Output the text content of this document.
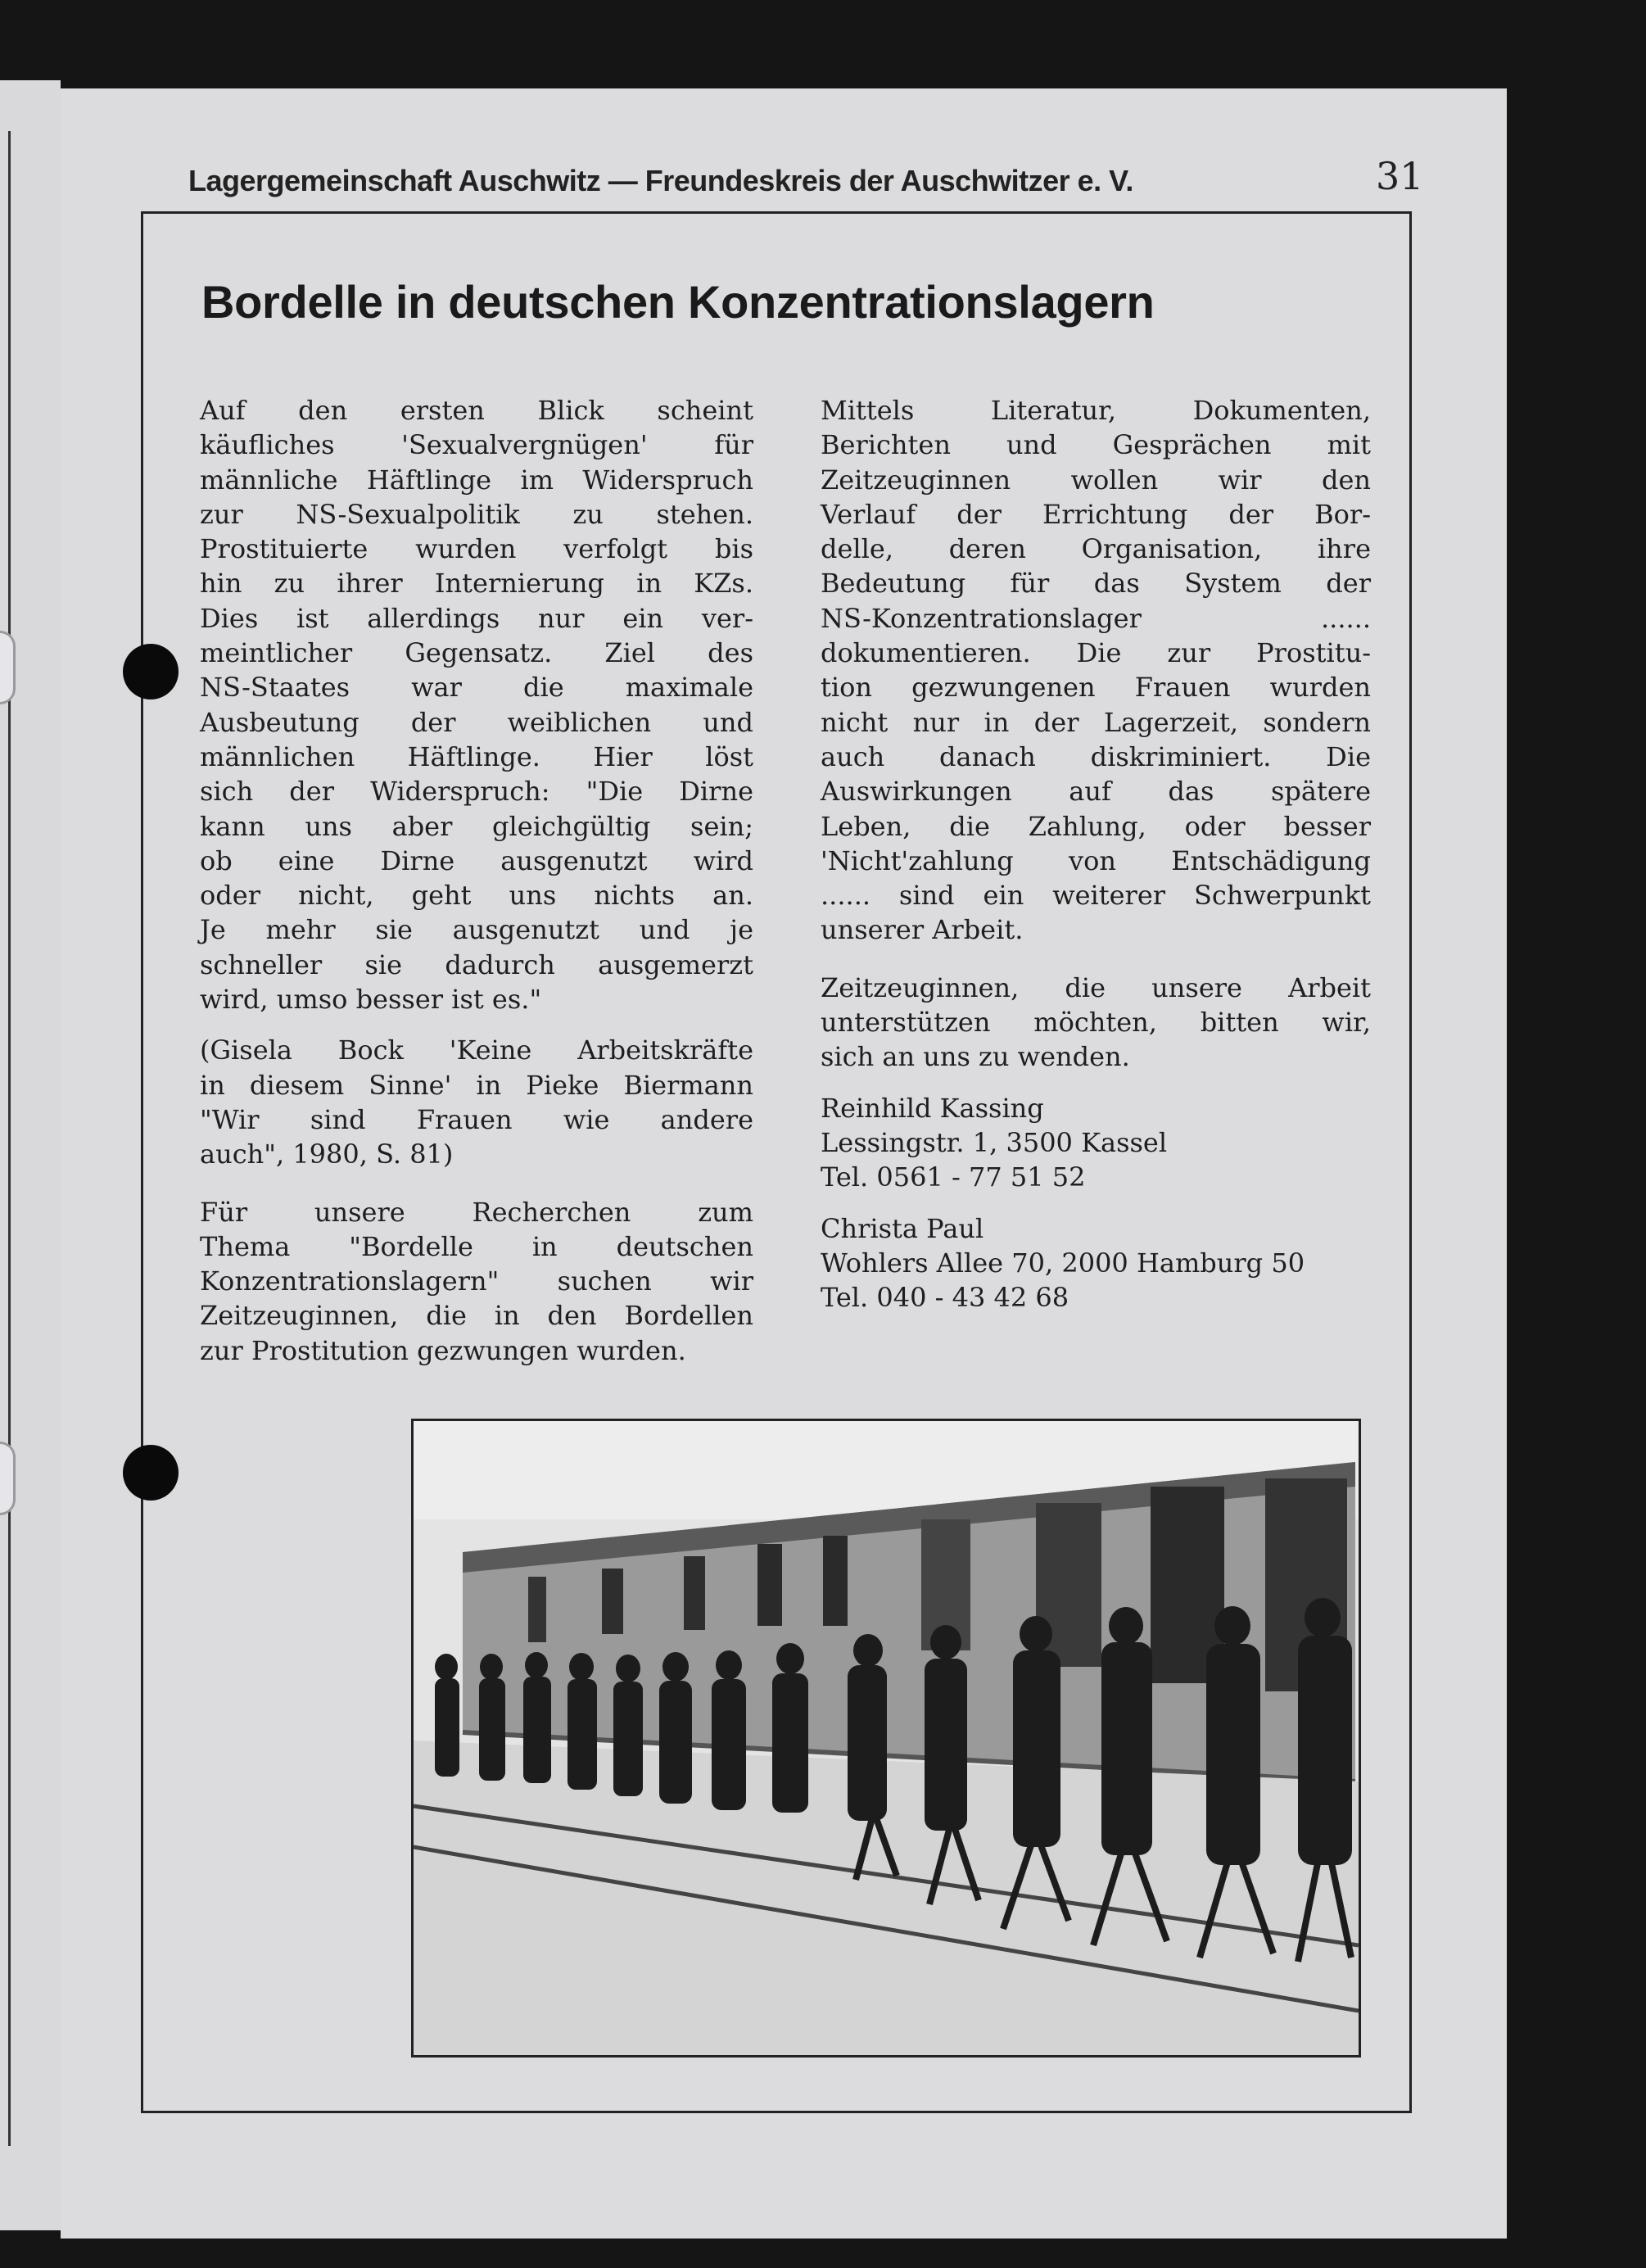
Lagergemeinschaft Auschwitz — Freundeskreis der Auschwitzer e. V.	31
Bordelle in deutschen Konzentrationslagern

Auf den ersten Blick scheint
käufliches 'Sexualvergnügen' für
männliche Häftlinge im Widerspruch
zur NS-Sexualpolitik zu stehen.
Prostituierte wurden verfolgt bis
hin zu ihrer Internierung in KZs.
Dies ist allerdings nur ein ver-
meintlicher Gegensatz. Ziel des
NS-Staates war die maximale
Ausbeutung der weiblichen und
männlichen Häftlinge. Hier löst
sich der Widerspruch: "Die Dirne
kann uns aber gleichgültig sein;
ob eine Dirne ausgenutzt wird
oder nicht, geht uns nichts an.
Je mehr sie ausgenutzt und je
schneller sie dadurch ausgemerzt
wird, umso besser ist es."

(Gisela Bock 'Keine Arbeitskräfte
in diesem Sinne' in Pieke Biermann
"Wir sind Frauen wie andere
auch", 1980, S. 81)

Für unsere Recherchen zum
Thema "Bordelle in deutschen
Konzentrationslagern" suchen wir
Zeitzeuginnen, die in den Bordellen
zur Prostitution gezwungen wurden.

Mittels Literatur, Dokumenten,
Berichten und Gesprächen mit
Zeitzeuginnen wollen wir den
Verlauf der Errichtung der Bor-
delle, deren Organisation, ihre
Bedeutung für das System der
NS-Konzentrationslager ......
dokumentieren. Die zur Prostitu-
tion gezwungenen Frauen wurden
nicht nur in der Lagerzeit, sondern
auch danach diskriminiert. Die
Auswirkungen auf das spätere
Leben, die Zahlung, oder besser
'Nicht'zahlung von Entschädigung
...... sind ein weiterer Schwerpunkt
unserer Arbeit.

Zeitzeuginnen, die unsere Arbeit
unterstützen möchten, bitten wir,
sich an uns zu wenden.

Reinhild Kassing
Lessingstr. 1, 3500 Kassel
Tel. 0561 - 77 51 52

Christa Paul
Wohlers Allee 70, 2000 Hamburg 50
Tel. 040 - 43 42 68
